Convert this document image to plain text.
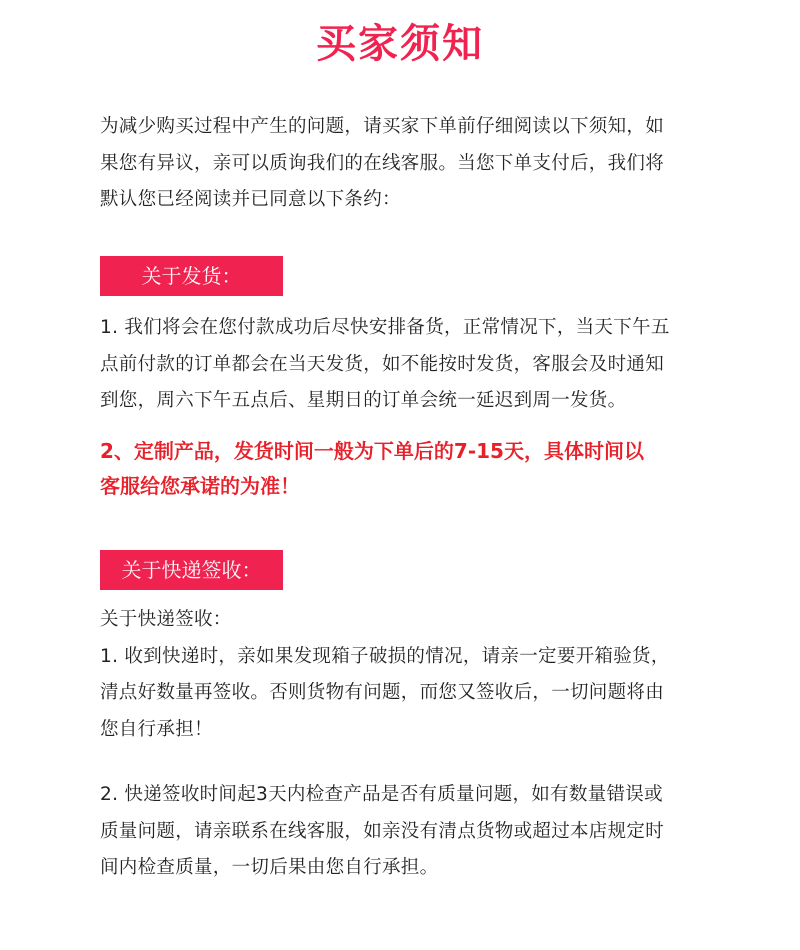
买家须知
为减少购买过程中产生的问题，请买家下单前仔细阅读以下须知，如
果您有异议，亲可以质询我们的在线客服。当您下单支付后，我们将
默认您已经阅读并已同意以下条约：
关于发货：
1. 我们将会在您付款成功后尽快安排备货，正常情况下，当天下午五
点前付款的订单都会在当天发货，如不能按时发货，客服会及时通知
到您，周六下午五点后、星期日的订单会统一延迟到周一发货。
2、定制产品，发货时间一般为下单后的7-15天，具体时间以
客服给您承诺的为准！
关于快递签收：
关于快递签收：
1. 收到快递时，亲如果发现箱子破损的情况，请亲一定要开箱验货，
清点好数量再签收。否则货物有问题，而您又签收后，一切问题将由
您自行承担！
2. 快递签收时间起3天内检查产品是否有质量问题，如有数量错误或
质量问题，请亲联系在线客服，如亲没有清点货物或超过本店规定时
间内检查质量，一切后果由您自行承担。
